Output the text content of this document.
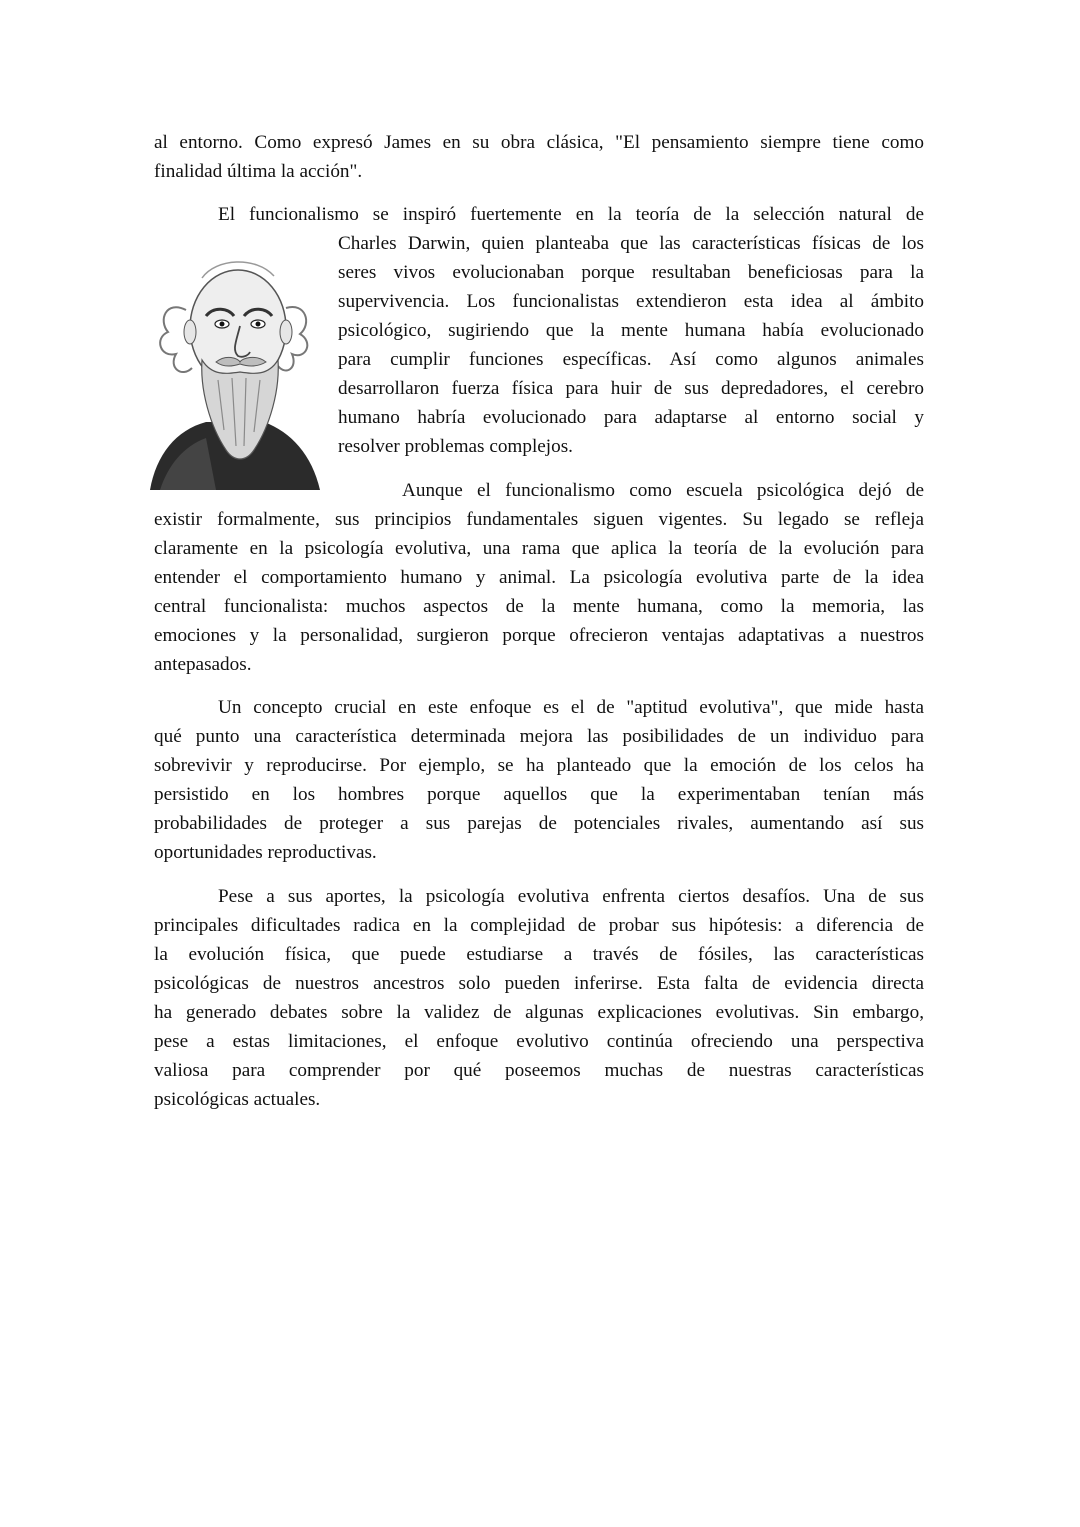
al entorno. Como expresó James en su obra clásica, "El pensamiento siempre tiene como
finalidad última la acción".
El funcionalismo se inspiró fuertemente en la teoría de la selección natural de
Charles Darwin, quien planteaba que las características físicas de los
seres vivos evolucionaban porque resultaban beneficiosas para la
supervivencia. Los funcionalistas extendieron esta idea al ámbito
psicológico, sugiriendo que la mente humana había evolucionado
para cumplir funciones específicas. Así como algunos animales
desarrollaron fuerza física para huir de sus depredadores, el cerebro
humano habría evolucionado para adaptarse al entorno social y
resolver problemas complejos.
Aunque el funcionalismo como escuela psicológica dejó de
existir formalmente, sus principios fundamentales siguen vigentes. Su legado se refleja
claramente en la psicología evolutiva, una rama que aplica la teoría de la evolución para
entender el comportamiento humano y animal. La psicología evolutiva parte de la idea
central funcionalista: muchos aspectos de la mente humana, como la memoria, las
emociones y la personalidad, surgieron porque ofrecieron ventajas adaptativas a nuestros
antepasados.
Un concepto crucial en este enfoque es el de "aptitud evolutiva", que mide hasta
qué punto una característica determinada mejora las posibilidades de un individuo para
sobrevivir y reproducirse. Por ejemplo, se ha planteado que la emoción de los celos ha
persistido en los hombres porque aquellos que la experimentaban tenían más
probabilidades de proteger a sus parejas de potenciales rivales, aumentando así sus
oportunidades reproductivas.
Pese a sus aportes, la psicología evolutiva enfrenta ciertos desafíos. Una de sus
principales dificultades radica en la complejidad de probar sus hipótesis: a diferencia de
la evolución física, que puede estudiarse a través de fósiles, las características
psicológicas de nuestros ancestros solo pueden inferirse. Esta falta de evidencia directa
ha generado debates sobre la validez de algunas explicaciones evolutivas. Sin embargo,
pese a estas limitaciones, el enfoque evolutivo continúa ofreciendo una perspectiva
valiosa para comprender por qué poseemos muchas de nuestras características
psicológicas actuales.
